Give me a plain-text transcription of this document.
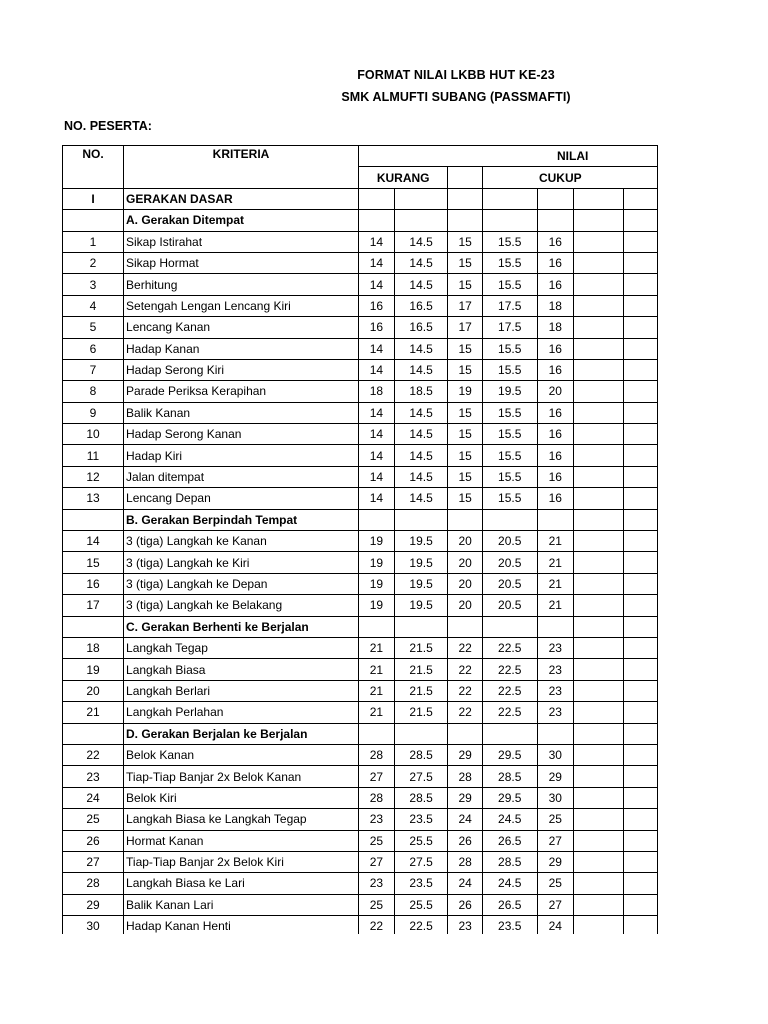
FORMAT NILAI LKBB HUT KE-23
SMK ALMUFTI SUBANG (PASSMAFTI)
NO. PESERTA:
NO.	KRITERIA	NILAI						
		KURANG			CUKUP			
I	GERAKAN DASAR							
	A. Gerakan Ditempat							
1	Sikap Istirahat	14	14.5	15	15.5	16		
2	Sikap Hormat	14	14.5	15	15.5	16		
3	Berhitung	14	14.5	15	15.5	16		
4	Setengah Lengan Lencang Kiri	16	16.5	17	17.5	18		
5	Lencang Kanan	16	16.5	17	17.5	18		
6	Hadap Kanan	14	14.5	15	15.5	16		
7	Hadap Serong Kiri	14	14.5	15	15.5	16		
8	Parade Periksa Kerapihan	18	18.5	19	19.5	20		
9	Balik Kanan	14	14.5	15	15.5	16		
10	Hadap Serong Kanan	14	14.5	15	15.5	16		
11	Hadap Kiri	14	14.5	15	15.5	16		
12	Jalan ditempat	14	14.5	15	15.5	16		
13	Lencang Depan	14	14.5	15	15.5	16		
	B. Gerakan Berpindah Tempat							
14	3 (tiga) Langkah ke Kanan	19	19.5	20	20.5	21		
15	3 (tiga) Langkah ke Kiri	19	19.5	20	20.5	21		
16	3 (tiga) Langkah ke Depan	19	19.5	20	20.5	21		
17	3 (tiga) Langkah ke Belakang	19	19.5	20	20.5	21		
	C. Gerakan Berhenti ke Berjalan							
18	Langkah Tegap	21	21.5	22	22.5	23		
19	Langkah Biasa	21	21.5	22	22.5	23		
20	Langkah Berlari	21	21.5	22	22.5	23		
21	Langkah Perlahan	21	21.5	22	22.5	23		
	D. Gerakan Berjalan ke Berjalan							
22	Belok Kanan	28	28.5	29	29.5	30		
23	Tiap-Tiap Banjar 2x Belok Kanan	27	27.5	28	28.5	29		
24	Belok Kiri	28	28.5	29	29.5	30		
25	Langkah Biasa ke Langkah Tegap	23	23.5	24	24.5	25		
26	Hormat Kanan	25	25.5	26	26.5	27		
27	Tiap-Tiap Banjar 2x Belok Kiri	27	27.5	28	28.5	29		
28	Langkah Biasa ke Lari	23	23.5	24	24.5	25		
29	Balik Kanan Lari	25	25.5	26	26.5	27		
30	Hadap Kanan Henti	22	22.5	23	23.5	24		
